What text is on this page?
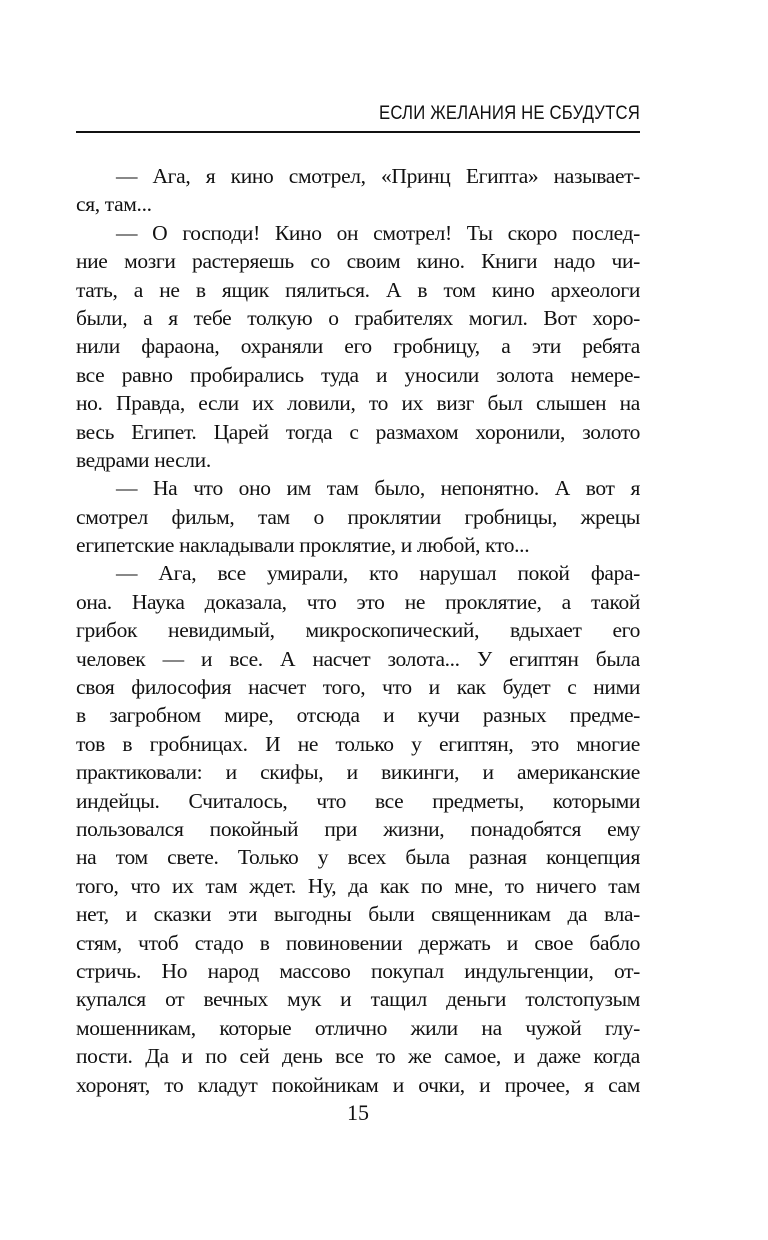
ЕСЛИ ЖЕЛАНИЯ НЕ СБУДУТСЯ
— Ага, я кино смотрел, «Принц Египта» называет-
ся, там...
— О господи! Кино он смотрел! Ты скоро послед-
ние мозги растеряешь со своим кино. Книги надо чи-
тать, а не в ящик пялиться. А в том кино археологи
были, а я тебе толкую о грабителях могил. Вот хоро-
нили фараона, охраняли его гробницу, а эти ребята
все равно пробирались туда и уносили золота немере-
но. Правда, если их ловили, то их визг был слышен на
весь Египет. Царей тогда с размахом хоронили, золото
ведрами несли.
— На что оно им там было, непонятно. А вот я
смотрел фильм, там о проклятии гробницы, жрецы
египетские накладывали проклятие, и любой, кто...
— Ага, все умирали, кто нарушал покой фара-
она. Наука доказала, что это не проклятие, а такой
грибок невидимый, микроскопический, вдыхает его
человек — и все. А насчет золота... У египтян была
своя философия насчет того, что и как будет с ними
в загробном мире, отсюда и кучи разных предме-
тов в гробницах. И не только у египтян, это многие
практиковали: и скифы, и викинги, и американские
индейцы. Считалось, что все предметы, которыми
пользовался покойный при жизни, понадобятся ему
на том свете. Только у всех была разная концепция
того, что их там ждет. Ну, да как по мне, то ничего там
нет, и сказки эти выгодны были священникам да вла-
стям, чтоб стадо в повиновении держать и свое бабло
стричь. Но народ массово покупал индульгенции, от-
купался от вечных мук и тащил деньги толстопузым
мошенникам, которые отлично жили на чужой глу-
пости. Да и по сей день все то же самое, и даже когда
хоронят, то кладут покойникам и очки, и прочее, я сам
15
